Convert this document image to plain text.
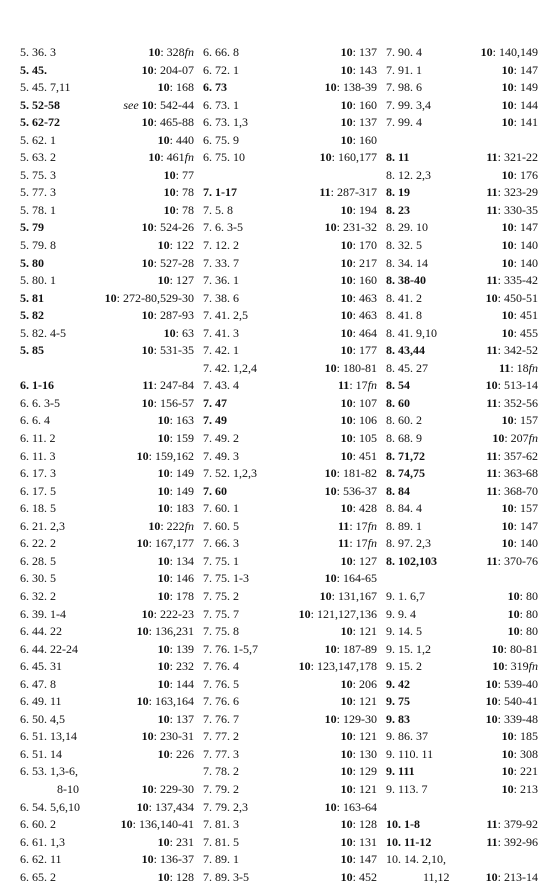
5. 36. 3	10: 328fn
5. 45.	10: 204-07
5. 45. 7,11	10: 168
5. 52-58	see 10: 542-44
5. 62-72	10: 465-88
5. 62. 1	10: 440
5. 63. 2	10: 461fn
5. 75. 3	10: 77
5. 77. 3	10: 78
5. 78. 1	10: 78
5. 79	10: 524-26
5. 79. 8	10: 122
5. 80	10: 527-28
5. 80. 1	10: 127
5. 81	10: 272-80,529-30
5. 82	10: 287-93
5. 82. 4-5	10: 63
5. 85	10: 531-35
6. 1-16	11: 247-84
6. 6. 3-5	10: 156-57
6. 6. 4	10: 163
6. 11. 2	10: 159
6. 11. 3	10: 159,162
6. 17. 3	10: 149
6. 17. 5	10: 149
6. 18. 5	10: 183
6. 21. 2,3	10: 222fn
6. 22. 2	10: 167,177
6. 28. 5	10: 134
6. 30. 5	10: 146
6. 32. 2	10: 178
6. 39. 1-4	10: 222-23
6. 44. 22	10: 136,231
6. 44. 22-24	10: 139
6. 45. 31	10: 232
6. 47. 8	10: 144
6. 49. 11	10: 163,164
6. 50. 4,5	10: 137
6. 51. 13,14	10: 230-31
6. 51. 14	10: 226
6. 53. 1,3-6,
8-10	10: 229-30
6. 54. 5,6,10	10: 137,434
6. 60. 2	10: 136,140-41
6. 61. 1,3	10: 231
6. 62. 11	10: 136-37
6. 65. 2	10: 128
6. 66. 8	10: 137
6. 72. 1	10: 143
6. 73	10: 138-39
6. 73. 1	10: 160
6. 73. 1,3	10: 137
6. 75. 9	10: 160
6. 75. 10	10: 160,177
7. 1-17	11: 287-317
7. 5. 8	10: 194
7. 6. 3-5	10: 231-32
7. 12. 2	10: 170
7. 33. 7	10: 217
7. 36. 1	10: 160
7. 38. 6	10: 463
7. 41. 2,5	10: 463
7. 41. 3	10: 464
7. 42. 1	10: 177
7. 42. 1,2,4	10: 180-81
7. 43. 4	11: 17fn
7. 47	10: 107
7. 49	10: 106
7. 49. 2	10: 105
7. 49. 3	10: 451
7. 52. 1,2,3	10: 181-82
7. 60	10: 536-37
7. 60. 1	10: 428
7. 60. 5	11: 17fn
7. 66. 3	11: 17fn
7. 75. 1	10: 127
7. 75. 1-3	10: 164-65
7. 75. 2	10: 131,167
7. 75. 7	10: 121,127,136
7. 75. 8	10: 121
7. 76. 1-5,7	10: 187-89
7. 76. 4	10: 123,147,178
7. 76. 5	10: 206
7. 76. 6	10: 121
7. 76. 7	10: 129-30
7. 77. 2	10: 121
7. 77. 3	10: 130
7. 78. 2	10: 129
7. 79. 2	10: 121
7. 79. 2,3	10: 163-64
7. 81. 3	10: 128
7. 81. 5	10: 131
7. 89. 1	10: 147
7. 89. 3-5	10: 452
7. 90. 4	10: 140,149
7. 91. 1	10: 147
7. 98. 6	10: 149
7. 99. 3,4	10: 144
7. 99. 4	10: 141
8. 11	11: 321-22
8. 12. 2,3	10: 176
8. 19	11: 323-29
8. 23	11: 330-35
8. 29. 10	10: 147
8. 32. 5	10: 140
8. 34. 14	10: 140
8. 38-40	11: 335-42
8. 41. 2	10: 450-51
8. 41. 8	10: 451
8. 41. 9,10	10: 455
8. 43,44	11: 342-52
8. 45. 27	11: 18fn
8. 54	10: 513-14
8. 60	11: 352-56
8. 60. 2	10: 157
8. 68. 9	10: 207fn
8. 71,72	11: 357-62
8. 74,75	11: 363-68
8. 84	11: 368-70
8. 84. 4	10: 157
8. 89. 1	10: 147
8. 97. 2,3	10: 140
8. 102,103	11: 370-76
9. 1. 6,7	10: 80
9. 9. 4	10: 80
9. 14. 5	10: 80
9. 15. 1,2	10: 80-81
9. 15. 2	10: 319fn
9. 42	10: 539-40
9. 75	10: 540-41
9. 83	10: 339-48
9. 86. 37	10: 185
9. 110. 11	10: 308
9. 111	10: 221
9. 113. 7	10: 213
10. 1-8	11: 379-92
10. 11-12	11: 392-96
10. 14. 2,10,
11,12	10: 213-14
